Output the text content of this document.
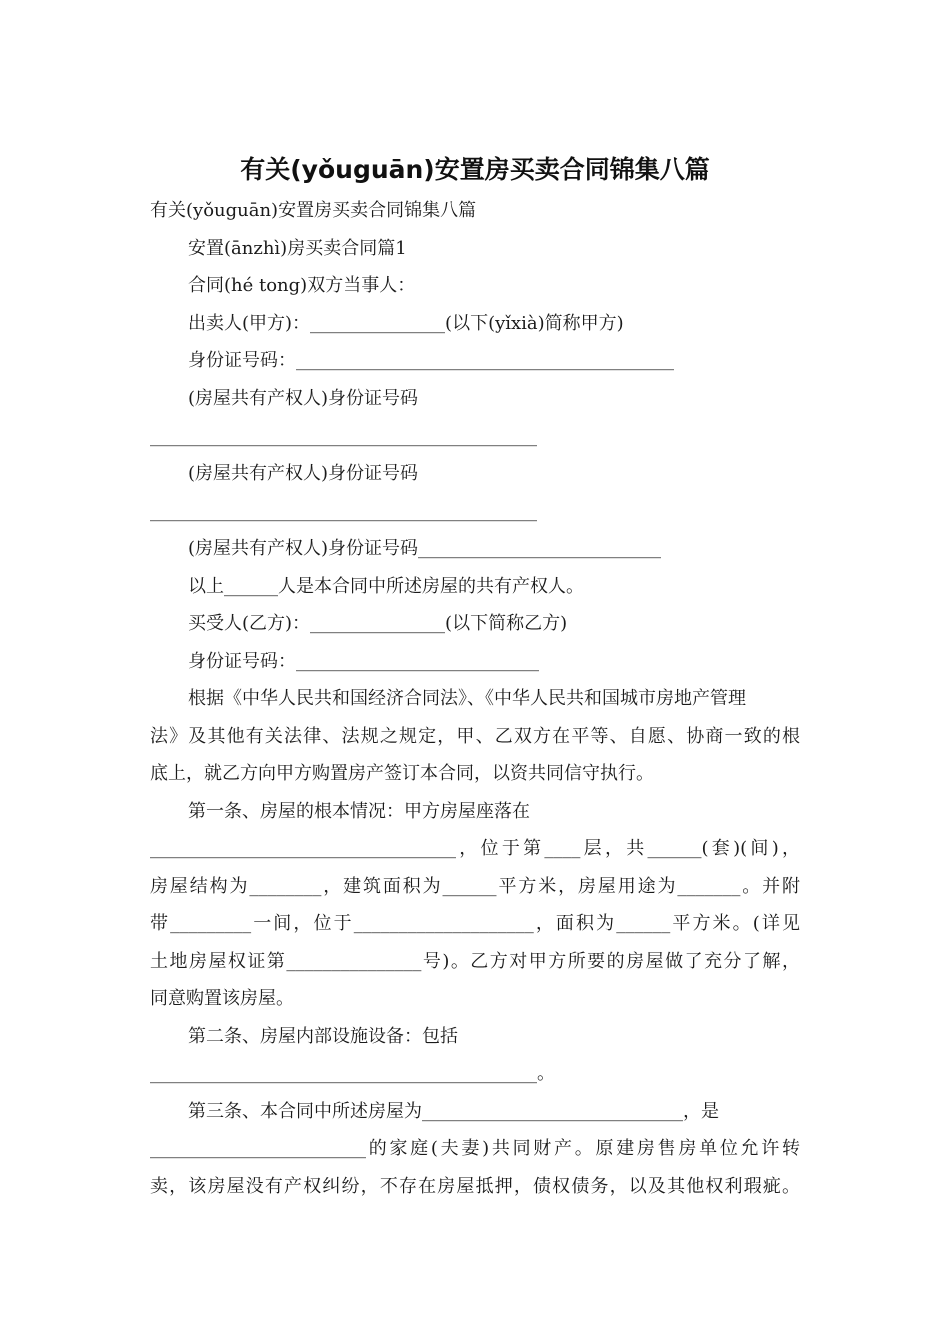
有关(yǒuguān)安置房买卖合同锦集八篇
有关(yǒuguān)安置房买卖合同锦集八篇
安置(ānzhì)房买卖合同篇1
合同(hé tong)双方当事人：
出卖人(甲方)：_______________(以下(yǐxià)简称甲方)
身份证号码：__________________________________________
(房屋共有产权人)身份证号码
___________________________________________
(房屋共有产权人)身份证号码
___________________________________________
(房屋共有产权人)身份证号码___________________________
以上______人是本合同中所述房屋的共有产权人。
买受人(乙方)：_______________(以下简称乙方)
身份证号码：___________________________
根据《中华人民共和国经济合同法》、《中华人民共和国城市房地产管理
法》及其他有关法律、法规之规定，甲、乙双方在平等、自愿、协商一致的根
底上，就乙方向甲方购置房产签订本合同，以资共同信守执行。
第一条、房屋的根本情况：甲方房屋座落在
__________________________________，位于第____层，共______(套)(间)，
房屋结构为________，建筑面积为______平方米，房屋用途为_______。并附
带_________一间，位于____________________，面积为______平方米。(详见
土地房屋权证第_______________号)。乙方对甲方所要的房屋做了充分了解，
同意购置该房屋。
第二条、房屋内部设施设备：包括
___________________________________________。
第三条、本合同中所述房屋为_____________________________，是
________________________的家庭(夫妻)共同财产。原建房售房单位允许转
卖，该房屋没有产权纠纷，不存在房屋抵押，债权债务，以及其他权利瑕疵。
